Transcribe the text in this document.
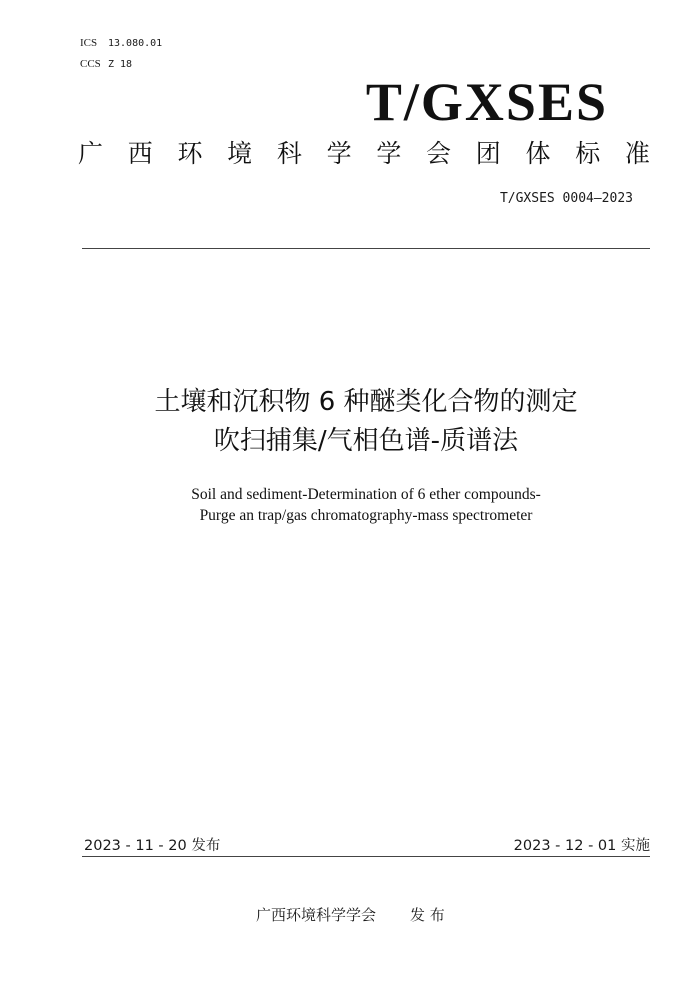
ICS 13.080.01
CCS Z 18
T/GXSES
广 西 环 境 科 学 学 会 团 体 标 准
T/GXSES 0004—2023
土壤和沉积物 6 种醚类化合物的测定
吹扫捕集/气相色谱-质谱法
Soil and sediment-Determination of 6 ether compounds-
Purge an trap/gas chromatography-mass spectrometer
2023 - 11 - 20 发布	2023 - 12 - 01 实施
广西环境科学学会 发 布
